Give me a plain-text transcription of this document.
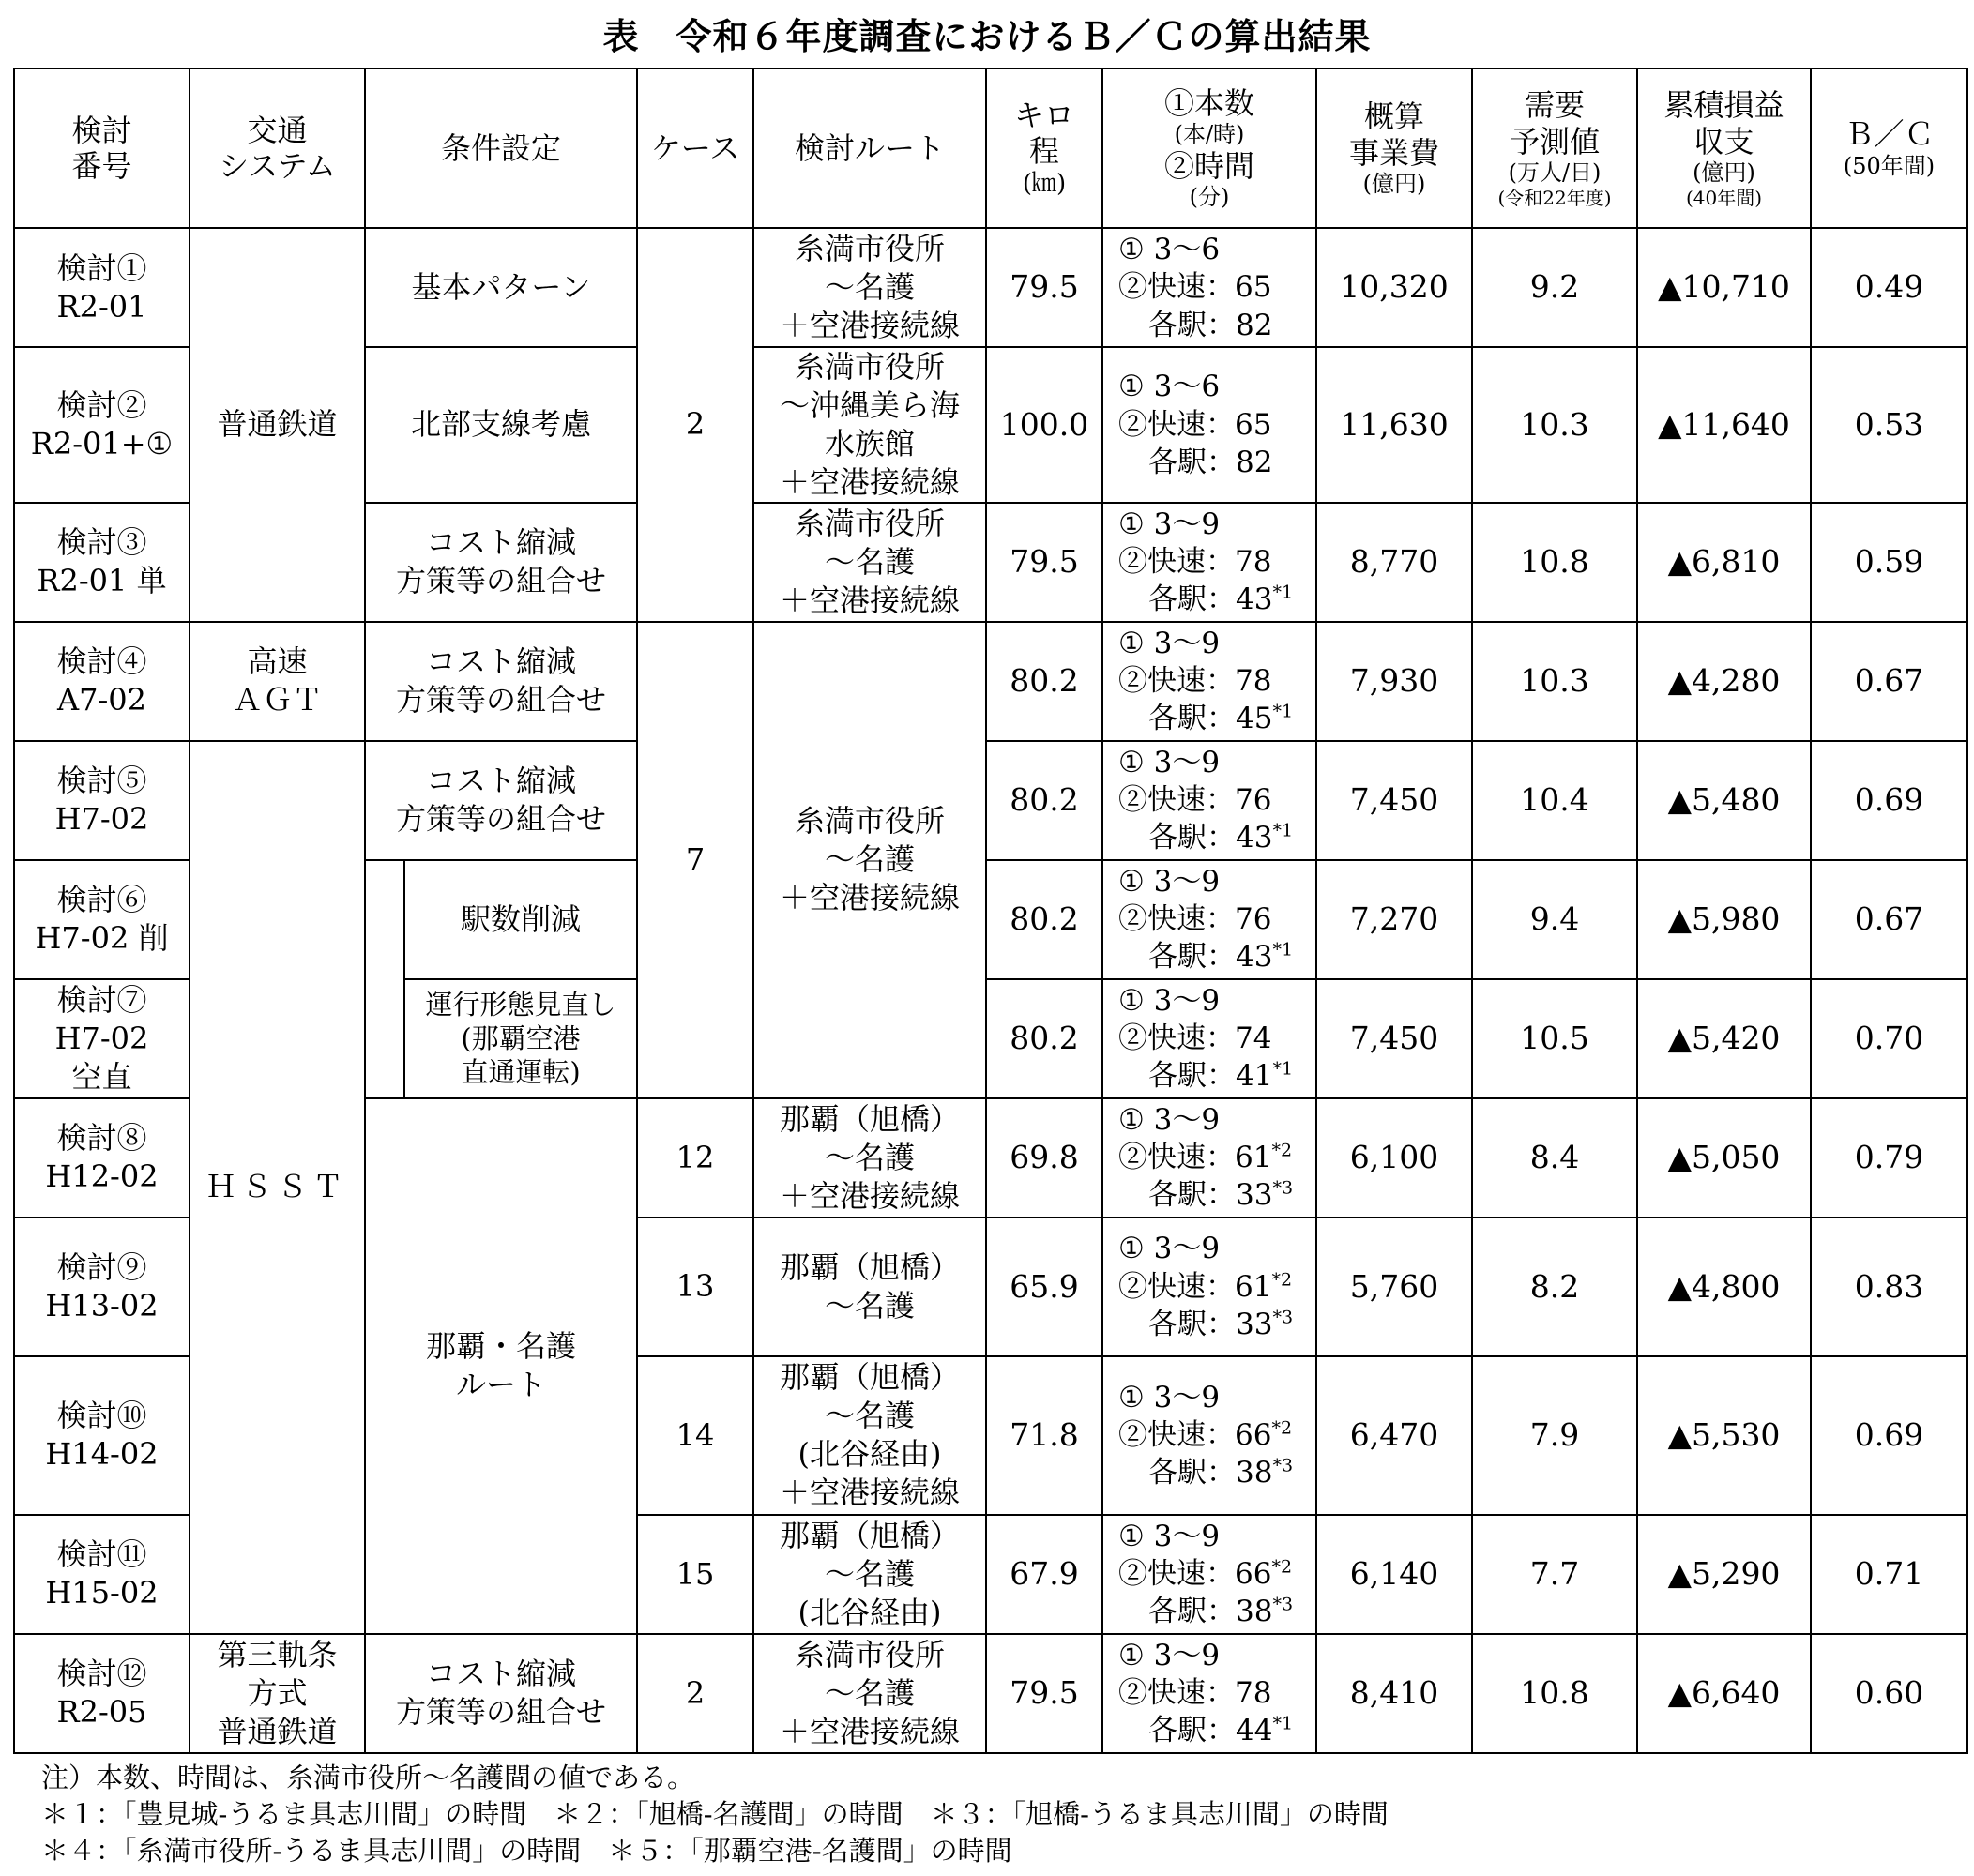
表　令和６年度調査におけるＢ／Ｃの算出結果
検討
番号	交通
システム	条件設定		ケース	検討ルート	キロ
程
(㎞)	①本数
(本/時)
②時間
(分)	概算
事業費
(億円)	需要
予測値
(万人/日)
(令和22年度)	累積損益
収支
(億円)
(40年間)	Ｂ／Ｃ
(50年間)

検討①
R2-01	普通鉄道	基本パターン		2	糸満市役所
～名護
＋空港接続線	79.5	① 3～6
②快速：65
各駅：82	10,320	9.2	▲10,710	0.49

検討②
R2-01+①		北部支線考慮			糸満市役所
～沖縄美ら海
水族館
＋空港接続線	100.0	① 3～6
②快速：65
各駅：82	11,630	10.3	▲11,640	0.53

検討③
R2-01 単		コスト縮減
方策等の組合せ			糸満市役所
～名護
＋空港接続線	79.5	① 3～9
②快速：78
各駅：43$^{*1}$	8,770	10.8	▲6,810	0.59

検討④
A7-02	高速
ＡＧＴ	コスト縮減
方策等の組合せ		7	糸満市役所
～名護
＋空港接続線	80.2	① 3～9
②快速：78
各駅：45$^{*1}$	7,930	10.3	▲4,280	0.67

検討⑤
H7-02	ＨＳＳＴ	コスト縮減
方策等の組合せ				80.2	① 3～9
②快速：76
各駅：43$^{*1}$	7,450	10.4	▲5,480	0.69

検討⑥
H7-02 削			駅数削減			80.2	① 3～9
②快速：76
各駅：43$^{*1}$	7,270	9.4	▲5,980	0.67

検討⑦
H7-02
空直			運行形態見直し
(那覇空港
直通運転)			80.2	① 3～9
②快速：74
各駅：41$^{*1}$	7,450	10.5	▲5,420	0.70

検討⑧
H12-02		那覇・名護
ルート		12	那覇（旭橋）
～名護
＋空港接続線	69.8	① 3～9
②快速：61$^{*2}$
各駅：33$^{*3}$	6,100	8.4	▲5,050	0.79

検討⑨
H13-02				13	那覇（旭橋）
～名護	65.9	① 3～9
②快速：61$^{*2}$
各駅：33$^{*3}$	5,760	8.2	▲4,800	0.83

検討⑩
H14-02				14	那覇（旭橋）
～名護
(北谷経由)
＋空港接続線	71.8	① 3～9
②快速：66$^{*2}$
各駅：38$^{*3}$	6,470	7.9	▲5,530	0.69

検討⑪
H15-02				15	那覇（旭橋）
～名護
(北谷経由)	67.9	① 3～9
②快速：66$^{*2}$
各駅：38$^{*3}$	6,140	7.7	▲5,290	0.71

検討⑫
R2-05	第三軌条
方式
普通鉄道	コスト縮減
方策等の組合せ		2	糸満市役所
～名護
＋空港接続線	79.5	① 3～9
②快速：78
各駅：44$^{*1}$	8,410	10.8	▲6,640	0.60
注）本数、時間は、糸満市役所～名護間の値である。
＊１：「豊見城-うるま具志川間」の時間　＊２：「旭橋-名護間」の時間　＊３：「旭橋-うるま具志川間」の時間
＊４：「糸満市役所-うるま具志川間」の時間　＊５：「那覇空港-名護間」の時間
